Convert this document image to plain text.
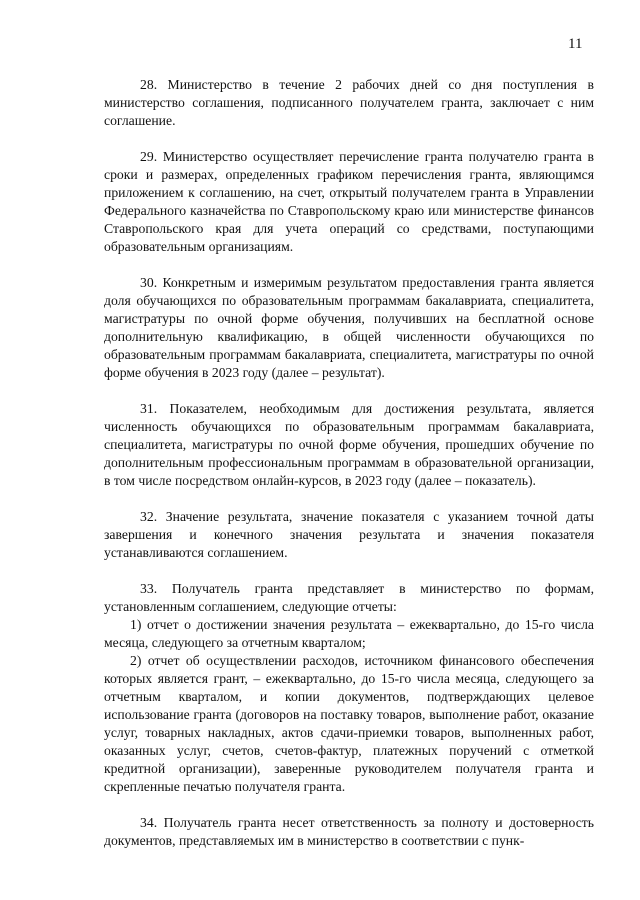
11

28. Министерство в течение 2 рабочих дней со дня поступления в министерство соглашения, подписанного получателем гранта, заключает с ним соглашение.

29. Министерство осуществляет перечисление гранта получателю гранта в сроки и размерах, определенных графиком перечисления гранта, являющимся приложением к соглашению, на счет, открытый получателем гранта в Управлении Федерального казначейства по Ставропольскому краю или министерстве финансов Ставропольского края для учета операций со средствами, поступающими образовательным организациям.

30. Конкретным и измеримым результатом предоставления гранта является доля обучающихся по образовательным программам бакалавриата, специалитета, магистратуры по очной форме обучения, получивших на бесплатной основе дополнительную квалификацию, в общей численности обучающихся по образовательным программам бакалавриата, специалитета, магистратуры по очной форме обучения в 2023 году (далее – результат).

31. Показателем, необходимым для достижения результата, является численность обучающихся по образовательным программам бакалавриата, специалитета, магистратуры по очной форме обучения, прошедших обучение по дополнительным профессиональным программам в образовательной организации, в том числе посредством онлайн-курсов, в 2023 году (далее – показатель).

32. Значение результата, значение показателя с указанием точной даты завершения и конечного значения результата и значения показателя устанавливаются соглашением.

33. Получатель гранта представляет в министерство по формам, установленным соглашением, следующие отчеты:

1) отчет о достижении значения результата – ежеквартально, до 15-го числа месяца, следующего за отчетным кварталом;

2) отчет об осуществлении расходов, источником финансового обеспечения которых является грант, – ежеквартально, до 15-го числа месяца, следующего за отчетным кварталом, и копии документов, подтверждающих целевое использование гранта (договоров на поставку товаров, выполнение работ, оказание услуг, товарных накладных, актов сдачи-приемки товаров, выполненных работ, оказанных услуг, счетов, счетов-фактур, платежных поручений с отметкой кредитной организации), заверенные руководителем получателя гранта и скрепленные печатью получателя гранта.

34. Получатель гранта несет ответственность за полноту и достоверность документов, представляемых им в министерство в соответствии с пунк-
